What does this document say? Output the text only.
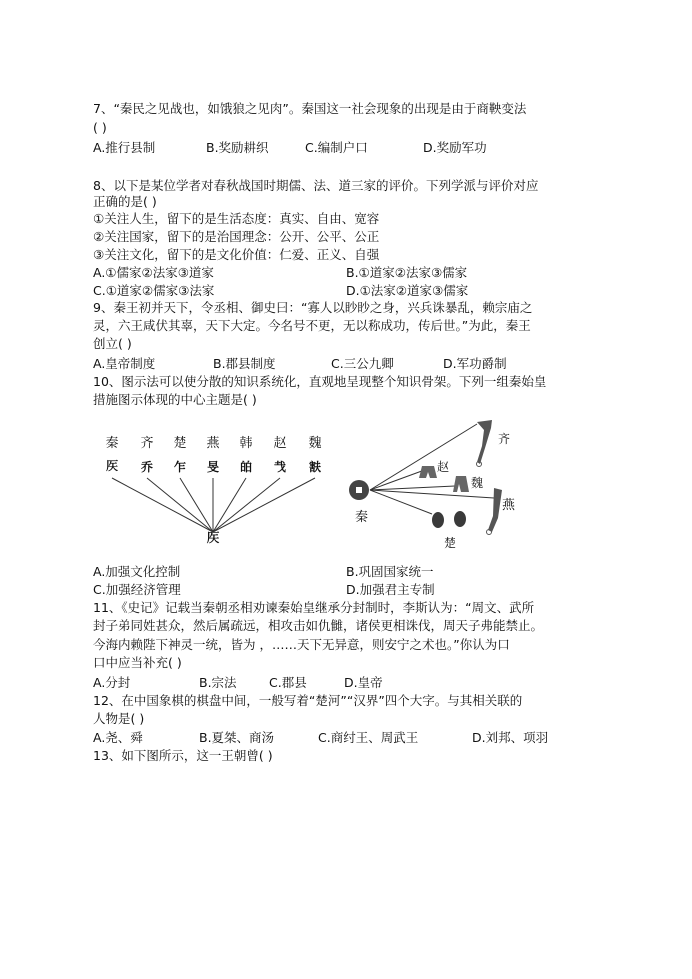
7、“秦民之见战也，如饿狼之见肉”。秦国这一社会现象的出现是由于商鞅变法
( )
A.推行县制	B.奖励耕织	C.编制户口	D.奖励军功
8、以下是某位学者对春秋战国时期儒、法、道三家的评价。下列学派与评价对应
正确的是( )
①关注人生，留下的是生活态度：真实、自由、宽容
②关注国家，留下的是治国理念：公开、公平、公正
③关注文化，留下的是文化价值：仁爱、正义、自强
A.①儒家②法家③道家	B.①道家②法家③儒家
C.①道家②儒家③法家	D.①法家②道家③儒家
9、秦王初并天下，令丞相、御史曰：“寡人以眇眇之身，兴兵诛暴乱，赖宗庙之
灵，六王咸伏其辜，天下大定。今名号不更，无以称成功，传后世。”为此，秦王
创立( )
A.皇帝制度	B.郡县制度	C.三公九卿	D.军功爵制
10、图示法可以使分散的知识系统化，直观地呈现整个知识骨架。下列一组秦始皇
措施图示体现的中心主题是( )
秦 齐 楚 燕 韩 赵 魏
𥎦 乔 乍 旻 㿟 𢦏 㝬
𥎦
齐
赵
魏
燕
秦
楚
A.加强文化控制	B.巩固国家统一
C.加强经济管理	D.加强君主专制
11、《史记》记载当秦朝丞相劝谏秦始皇继承分封制时，李斯认为：“周文、武所
封子弟同姓甚众，然后属疏远，相攻击如仇雠，诸侯更相诛伐，周天子弗能禁止。
今海内赖陛下神灵一统，皆为 ，……天下无异意，则安宁之术也。”你认为口
口中应当补充( )
A.分封	B.宗法	C.郡县	D.皇帝
12、在中国象棋的棋盘中间，一般写着“楚河”“汉界”四个大字。与其相关联的
人物是( )
A.尧、舜	B.夏桀、商汤	C.商纣王、周武王	D.刘邦、项羽
13、如下图所示，这一王朝曾( )
